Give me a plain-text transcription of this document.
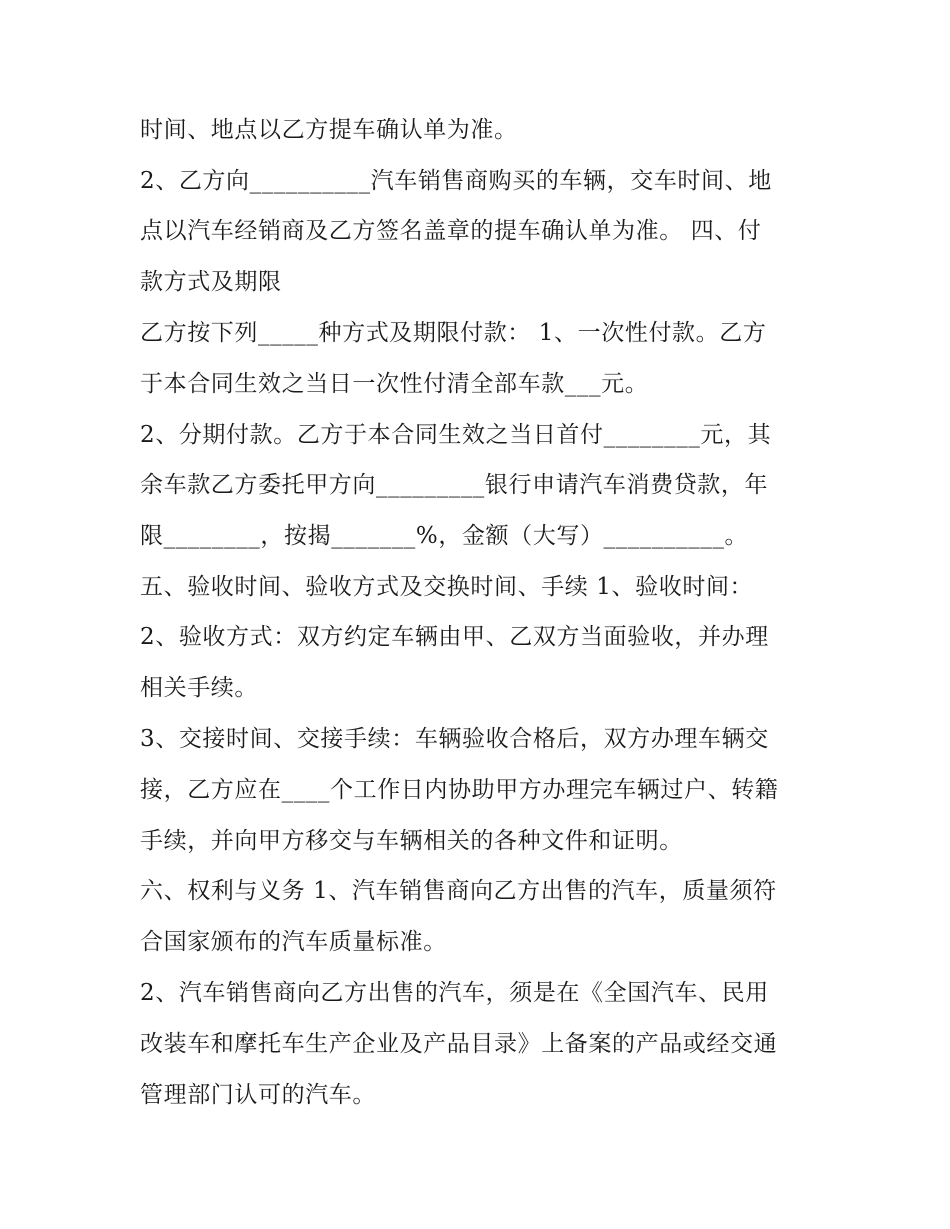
时间、地点以乙方提车确认单为准。
2、乙方向__________汽车销售商购买的车辆，交车时间、地
点以汽车经销商及乙方签名盖章的提车确认单为准。 四、付
款方式及期限
乙方按下列_____种方式及期限付款： 1、一次性付款。乙方
于本合同生效之当日一次性付清全部车款___元。
2、分期付款。乙方于本合同生效之当日首付________元，其
余车款乙方委托甲方向_________银行申请汽车消费贷款，年
限________，按揭_______%，金额（大写）__________。
五、验收时间、验收方式及交换时间、手续 1、验收时间：
2、验收方式：双方约定车辆由甲、乙双方当面验收，并办理
相关手续。
3、交接时间、交接手续：车辆验收合格后，双方办理车辆交
接，乙方应在____个工作日内协助甲方办理完车辆过户、转籍
手续，并向甲方移交与车辆相关的各种文件和证明。
六、权利与义务 1、汽车销售商向乙方出售的汽车，质量须符
合国家颁布的汽车质量标准。
2、汽车销售商向乙方出售的汽车，须是在《全国汽车、民用
改装车和摩托车生产企业及产品目录》上备案的产品或经交通
管理部门认可的汽车。
